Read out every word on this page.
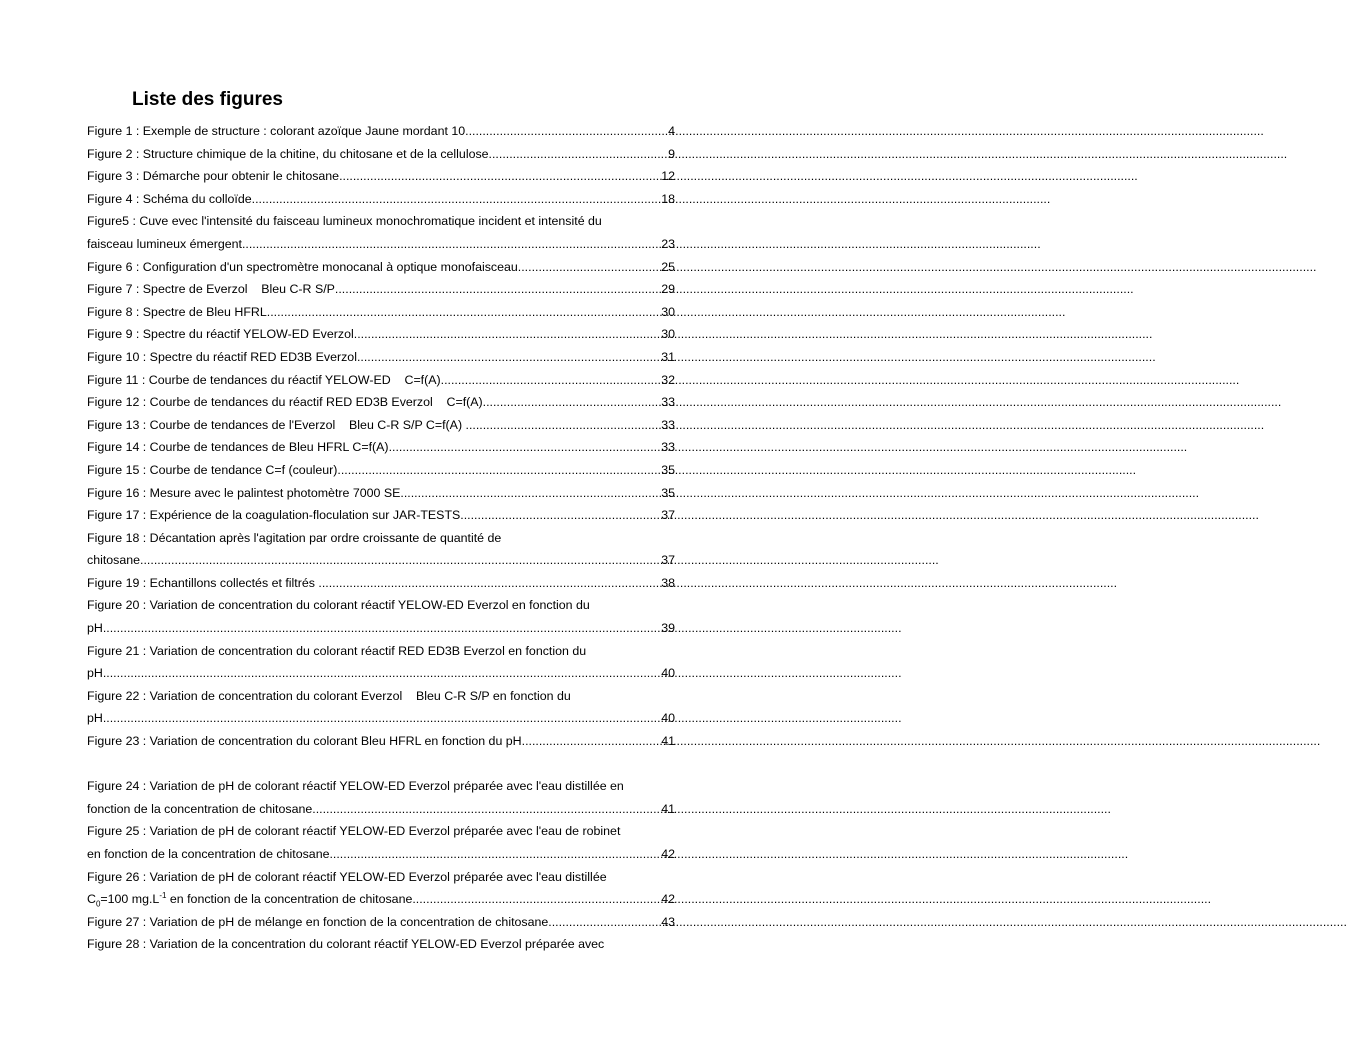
Liste des figures
Figure 1 : Exemple de structure : colorant azoïque Jaune mordant 10 .....	4
Figure 2 : Structure chimique de la chitine, du chitosane et de la cellulose .....	9
Figure 3 : Démarche pour obtenir le chitosane .....	12
Figure 4 : Schéma du colloïde .....	18
Figure5 : Cuve evec l'intensité du faisceau lumineux monochromatique incident et intensité du
faisceau lumineux émergent .....	23
Figure 6 : Configuration d'un spectromètre monocanal à optique monofaisceau .....	25
Figure 7 : Spectre de Everzol    Bleu C-R S/P .....	29
Figure 8 : Spectre de Bleu HFRL .....	30
Figure 9 : Spectre du réactif YELOW-ED Everzol .....	30
Figure 10 : Spectre du réactif RED ED3B Everzol .....	31
Figure 11 : Courbe de tendances du réactif YELOW-ED    C=f(A) .....	32
Figure 12 : Courbe de tendances du réactif RED ED3B Everzol    C=f(A) .....	33
Figure 13 : Courbe de tendances de l'Everzol    Bleu C-R S/P C=f(A) .....	33
Figure 14 : Courbe de tendances de Bleu HFRL C=f(A) .....	33
Figure 15 : Courbe de tendance C=f (couleur) .....	35
Figure 16 : Mesure avec le palintest photomètre 7000 SE .....	35
Figure 17 : Expérience de la coagulation-floculation sur JAR-TESTS .....	37
Figure 18 : Décantation après l'agitation par ordre croissante de quantité de
chitosane .....	37
Figure 19 : Echantillons collectés et filtrés .....	38
Figure 20 : Variation de concentration du colorant réactif YELOW-ED Everzol en fonction du
pH .....	39
Figure 21 : Variation de concentration du colorant réactif RED ED3B Everzol en fonction du
pH .....	40
Figure 22 : Variation de concentration du colorant Everzol    Bleu C-R S/P en fonction du
pH .....	40
Figure 23 : Variation de concentration du colorant Bleu HFRL en fonction du pH .....	41
Figure 24 : Variation de pH de colorant réactif YELOW-ED Everzol préparée avec l'eau distillée en
fonction de la concentration de chitosane .....	41
Figure 25 : Variation de pH de colorant réactif YELOW-ED Everzol préparée avec l'eau de robinet
en fonction de la concentration de chitosane .....	42
Figure 26 : Variation de pH de colorant réactif YELOW-ED Everzol préparée avec l'eau distillée
$C_0=100$ $mg.L^{-1}$ en fonction de la concentration de chitosane .....	42
Figure 27 : Variation de pH de mélange en fonction de la concentration de chitosane .....	43
Figure 28 : Variation de la concentration du colorant réactif YELOW-ED Everzol préparée avec
